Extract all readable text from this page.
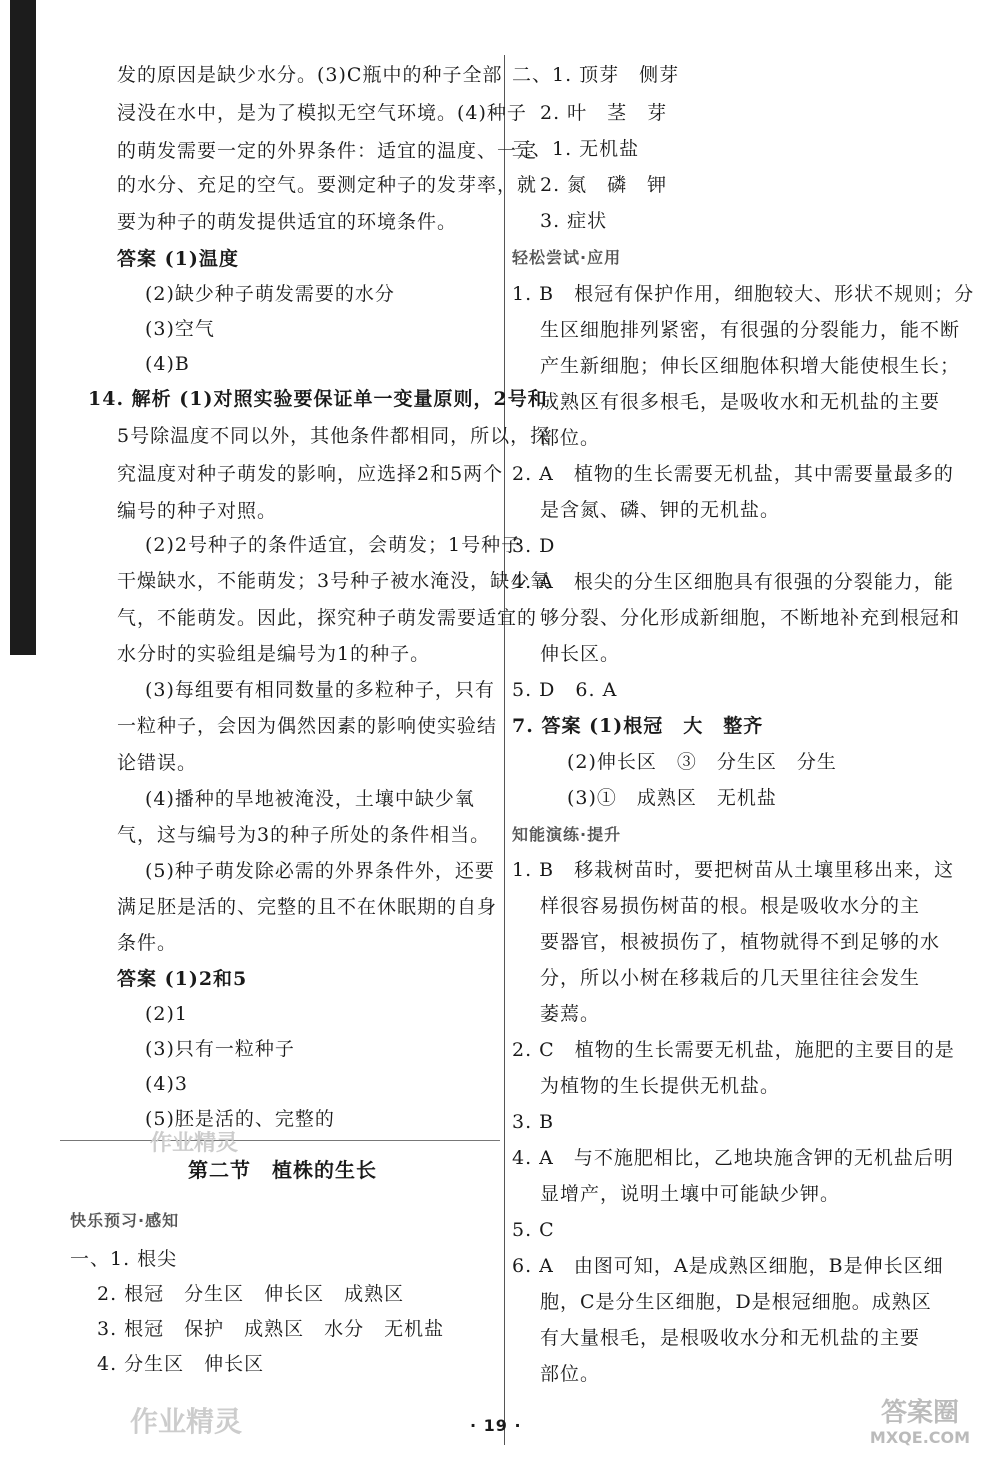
发的原因是缺少水分。(3)C瓶中的种子全部
浸没在水中，是为了模拟无空气环境。(4)种子
的萌发需要一定的外界条件：适宜的温度、一定
的水分、充足的空气。要测定种子的发芽率，就
要为种子的萌发提供适宜的环境条件。
答案 (1)温度
(2)缺少种子萌发需要的水分
(3)空气
(4)B
14. 解析 (1)对照实验要保证单一变量原则，2号和
5号除温度不同以外，其他条件都相同，所以，探
究温度对种子萌发的影响，应选择2和5两个
编号的种子对照。
(2)2号种子的条件适宜，会萌发；1号种子
干燥缺水，不能萌发；3号种子被水淹没，缺少氧
气，不能萌发。因此，探究种子萌发需要适宜的
水分时的实验组是编号为1的种子。
(3)每组要有相同数量的多粒种子，只有
一粒种子，会因为偶然因素的影响使实验结
论错误。
(4)播种的旱地被淹没，土壤中缺少氧
气，这与编号为3的种子所处的条件相当。
(5)种子萌发除必需的外界条件外，还要
满足胚是活的、完整的且不在休眠期的自身
条件。
答案 (1)2和5
(2)1
(3)只有一粒种子
(4)3
(5)胚是活的、完整的
第二节　植株的生长
快乐预习·感知
一、1. 根尖
2. 根冠　分生区　伸长区　成熟区
3. 根冠　保护　成熟区　水分　无机盐
4. 分生区　伸长区
二、1. 顶芽　侧芽
2. 叶　茎　芽
三、1. 无机盐
2. 氮　磷　钾
3. 症状
轻松尝试·应用
1. B　根冠有保护作用，细胞较大、形状不规则；分
生区细胞排列紧密，有很强的分裂能力，能不断
产生新细胞；伸长区细胞体积增大能使根生长；
成熟区有很多根毛，是吸收水和无机盐的主要
部位。
2. A　植物的生长需要无机盐，其中需要量最多的
是含氮、磷、钾的无机盐。
3. D
4. A　根尖的分生区细胞具有很强的分裂能力，能
够分裂、分化形成新细胞，不断地补充到根冠和
伸长区。
5. D　6. A
7. 答案 (1)根冠　大　整齐
(2)伸长区　③　分生区　分生
(3)①　成熟区　无机盐
知能演练·提升
1. B　移栽树苗时，要把树苗从土壤里移出来，这
样很容易损伤树苗的根。根是吸收水分的主
要器官，根被损伤了，植物就得不到足够的水
分，所以小树在移栽后的几天里往往会发生
萎蔫。
2. C　植物的生长需要无机盐，施肥的主要目的是
为植物的生长提供无机盐。
3. B
4. A　与不施肥相比，乙地块施含钾的无机盐后明
显增产，说明土壤中可能缺少钾。
5. C
6. A　由图可知，A是成熟区细胞，B是伸长区细
胞，C是分生区细胞，D是根冠细胞。成熟区
有大量根毛，是根吸收水分和无机盐的主要
部位。
· 19 ·
作业精灵
作业精灵	答案圈
MXQE.COM
